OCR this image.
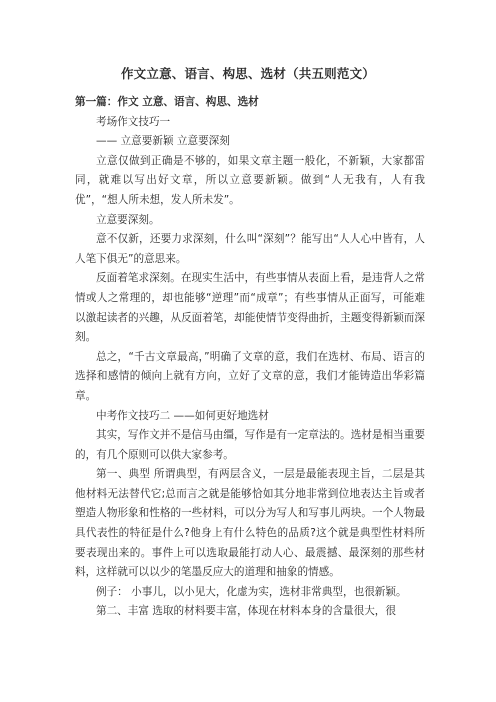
作文立意、语言、构思、选材（共五则范文）

第一篇：作文 立意、语言、构思、选材

考场作文技巧一

—— 立意要新颖 立意要深刻

立意仅做到正确是不够的，如果文章主题一般化，不新颖，大家都雷同，就难以写出好文章，所以立意要新颖。做到“人无我有，人有我优”，“想人所未想，发人所未发”。

立意要深刻。

意不仅新，还要力求深刻，什么叫“深刻”？能写出“人人心中皆有，人人笔下俱无”的意思来。

反面着笔求深刻。在现实生活中，有些事情从表面上看，是违背人之常情或人之常理的，却也能够“逆理”而“成章”；有些事情从正面写，可能难以激起读者的兴趣，从反面着笔，却能使情节变得曲折，主题变得新颖而深刻。

总之，“千古文章最高，”明确了文章的意，我们在选材、布局、语言的选择和感情的倾向上就有方向，立好了文章的意，我们才能铸造出华彩篇章。

中考作文技巧二 ——如何更好地选材

其实，写作文并不是信马由缰，写作是有一定章法的。选材是相当重要的，有几个原则可以供大家参考。

第一、典型 所谓典型，有两层含义，一层是最能表现主旨，二层是其他材料无法替代它;总而言之就是能够恰如其分地非常到位地表达主旨或者塑造人物形象和性格的一些材料，可以分为写人和写事儿两块。一个人物最具代表性的特征是什么?他身上有什么特色的品质?这个就是典型性材料所要表现出来的。事件上可以选取最能打动人心、最震撼、最深刻的那些材料，这样就可以以少的笔墨反应大的道理和抽象的情感。

例子： 小事儿，以小见大，化虚为实，选材非常典型，也很新颖。

第二、丰富 选取的材料要丰富，体现在材料本身的含量很大，很
